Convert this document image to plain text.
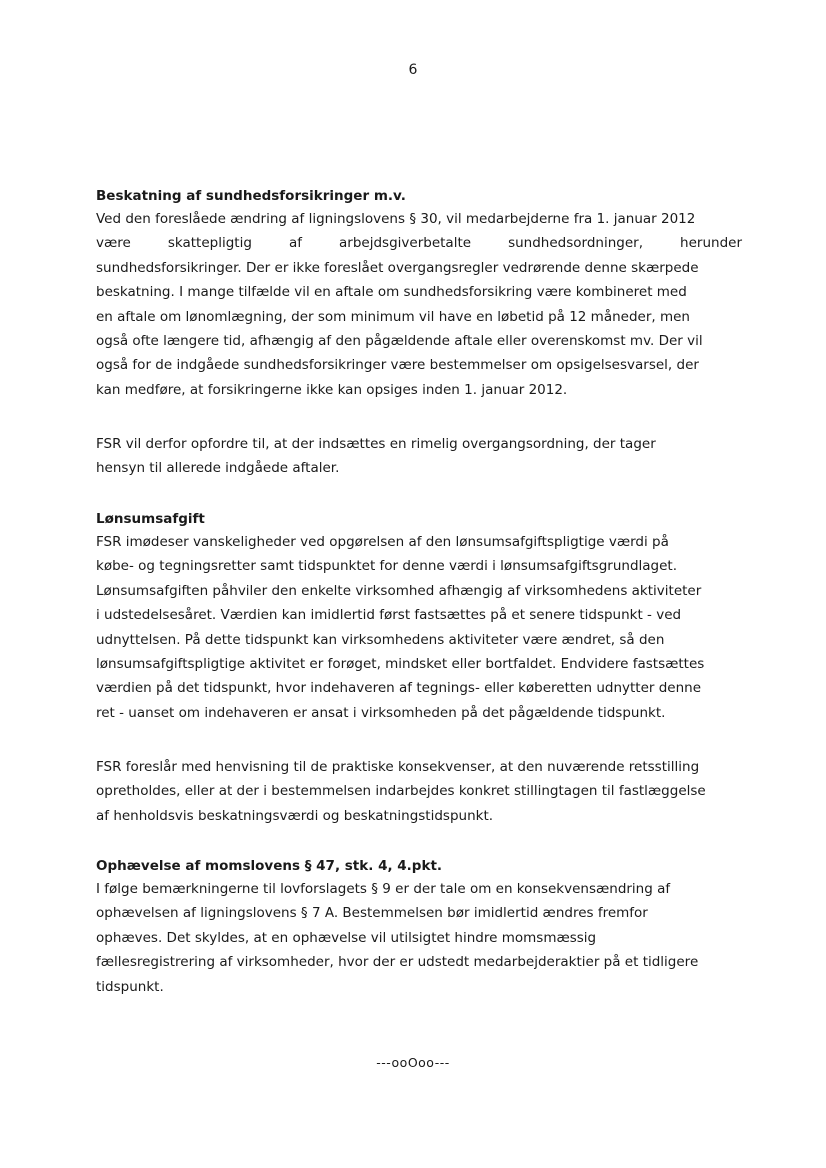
6
Beskatning af sundhedsforsikringer m.v.
Ved den foreslåede ændring af ligningslovens § 30, vil medarbejderne fra 1. januar 2012
være	skattepligtig	af	arbejdsgiverbetalte	sundhedsordninger,	herunder
sundhedsforsikringer. Der er ikke foreslået overgangsregler vedrørende denne skærpede
beskatning. I mange tilfælde vil en aftale om sundhedsforsikring være kombineret med
en aftale om lønomlægning, der som minimum vil have en løbetid på 12 måneder, men
også ofte længere tid, afhængig af den pågældende aftale eller overenskomst mv. Der vil
også for de indgåede sundhedsforsikringer være bestemmelser om opsigelsesvarsel, der
kan medføre, at forsikringerne ikke kan opsiges inden 1. januar 2012.
FSR vil derfor opfordre til, at der indsættes en rimelig overgangsordning, der tager
hensyn til allerede indgåede aftaler.
Lønsumsafgift
FSR imødeser vanskeligheder ved opgørelsen af den lønsumsafgiftspligtige værdi på
købe- og tegningsretter samt tidspunktet for denne værdi i lønsumsafgiftsgrundlaget.
Lønsumsafgiften påhviler den enkelte virksomhed afhængig af virksomhedens aktiviteter
i udstedelsesåret. Værdien kan imidlertid først fastsættes på et senere tidspunkt - ved
udnyttelsen. På dette tidspunkt kan virksomhedens aktiviteter være ændret, så den
lønsumsafgiftspligtige aktivitet er forøget, mindsket eller bortfaldet. Endvidere fastsættes
værdien på det tidspunkt, hvor indehaveren af tegnings- eller køberetten udnytter denne
ret - uanset om indehaveren er ansat i virksomheden på det pågældende tidspunkt.
FSR foreslår med henvisning til de praktiske konsekvenser, at den nuværende retsstilling
opretholdes, eller at der i bestemmelsen indarbejdes konkret stillingtagen til fastlæggelse
af henholdsvis beskatningsværdi og beskatningstidspunkt.
Ophævelse af momslovens § 47, stk. 4, 4.pkt.
I følge bemærkningerne til lovforslagets § 9 er der tale om en konsekvensændring af
ophævelsen af ligningslovens § 7 A. Bestemmelsen bør imidlertid ændres fremfor
ophæves. Det skyldes, at en ophævelse vil utilsigtet hindre momsmæssig
fællesregistrering af virksomheder, hvor der er udstedt medarbejderaktier på et tidligere
tidspunkt.
---ooOoo---
